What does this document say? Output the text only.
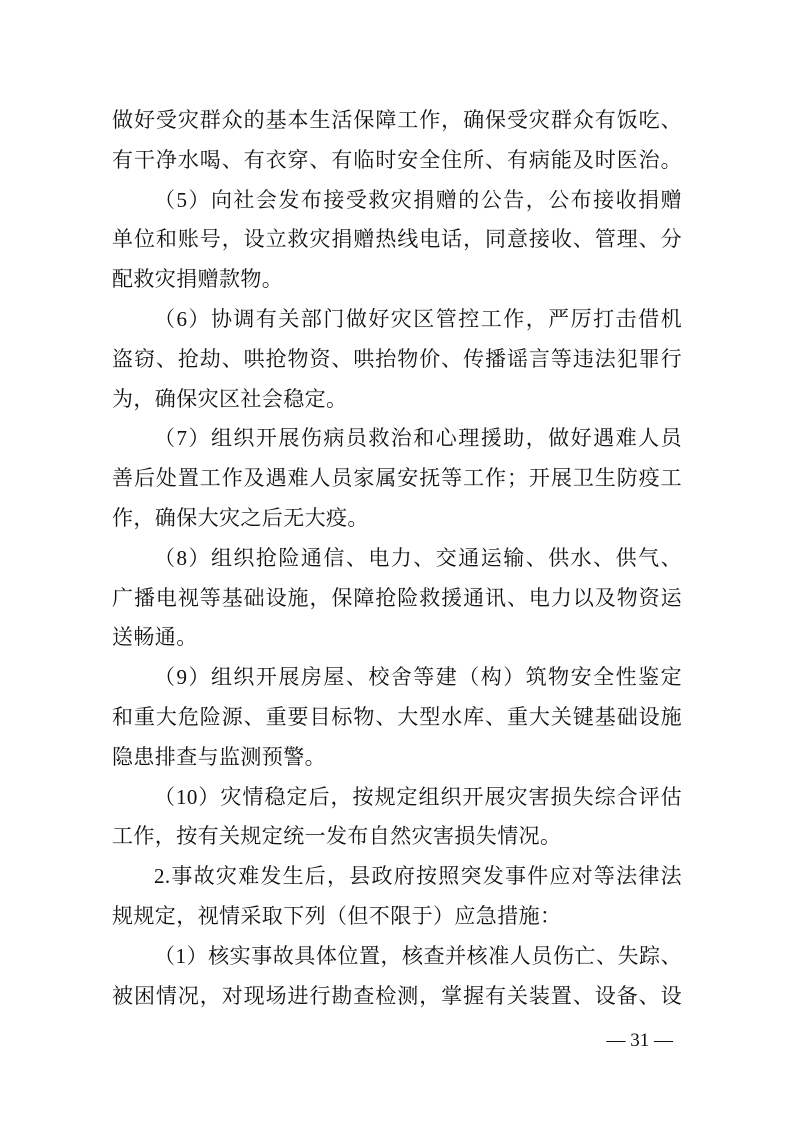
做好受灾群众的基本生活保障工作，确保受灾群众有饭吃、
有干净水喝、有衣穿、有临时安全住所、有病能及时医治。
（5）向社会发布接受救灾捐赠的公告，公布接收捐赠
单位和账号，设立救灾捐赠热线电话，同意接收、管理、分
配救灾捐赠款物。
（6）协调有关部门做好灾区管控工作，严厉打击借机
盗窃、抢劫、哄抢物资、哄抬物价、传播谣言等违法犯罪行
为，确保灾区社会稳定。
（7）组织开展伤病员救治和心理援助，做好遇难人员
善后处置工作及遇难人员家属安抚等工作；开展卫生防疫工
作，确保大灾之后无大疫。
（8）组织抢险通信、电力、交通运输、供水、供气、
广播电视等基础设施，保障抢险救援通讯、电力以及物资运
送畅通。
（9）组织开展房屋、校舍等建（构）筑物安全性鉴定
和重大危险源、重要目标物、大型水库、重大关键基础设施
隐患排查与监测预警。
（10）灾情稳定后，按规定组织开展灾害损失综合评估
工作，按有关规定统一发布自然灾害损失情况。
2.事故灾难发生后，县政府按照突发事件应对等法律法
规规定，视情采取下列（但不限于）应急措施：
（1）核实事故具体位置，核查并核准人员伤亡、失踪、
被困情况，对现场进行勘查检测，掌握有关装置、设备、设
— 31 —
